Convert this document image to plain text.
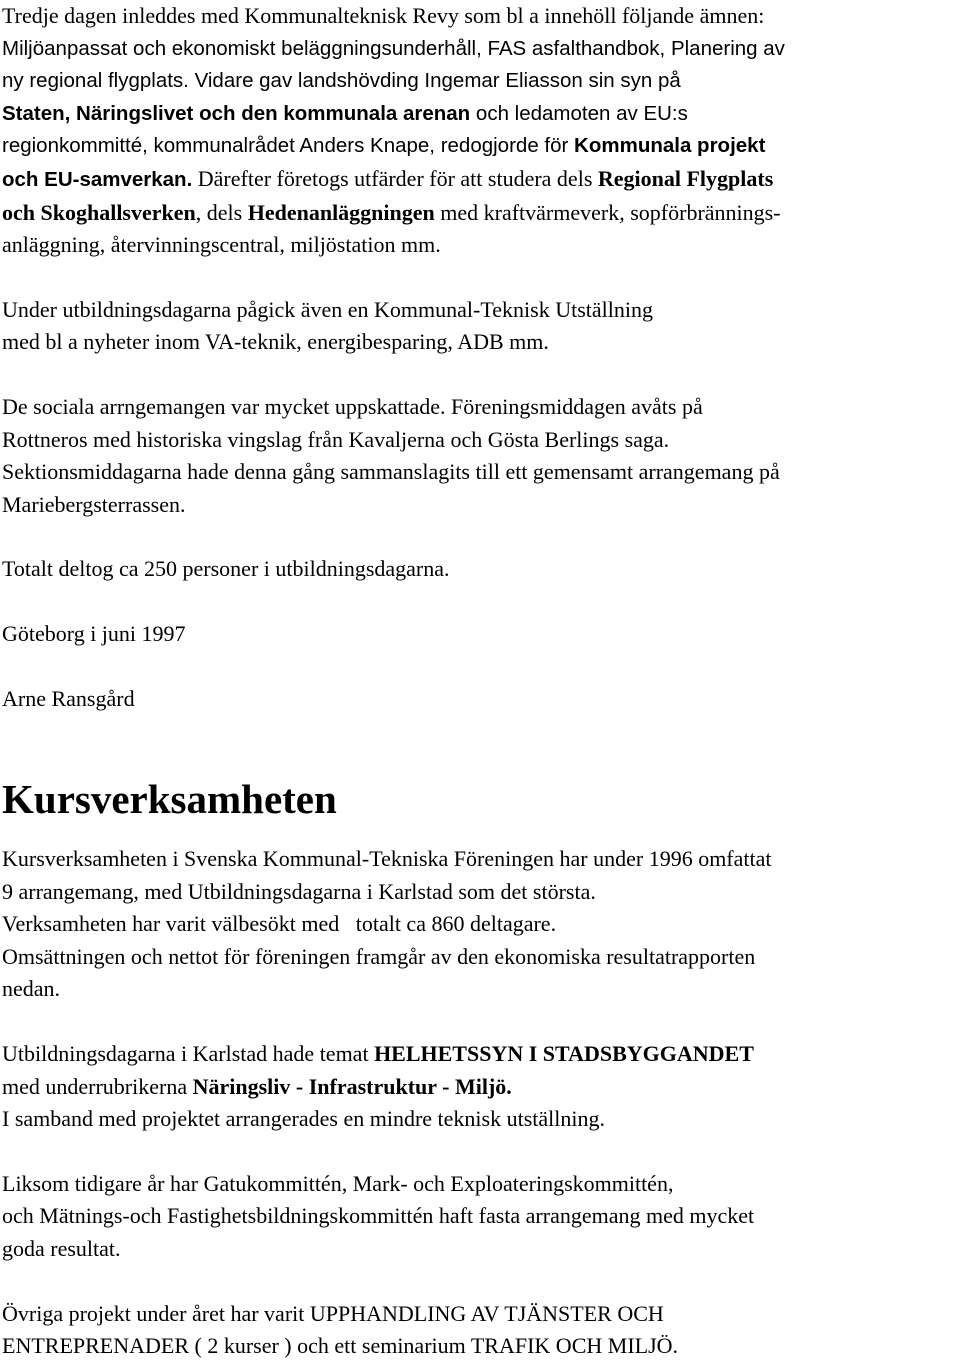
Tredje dagen inleddes med Kommunalteknisk Revy som bl a innehöll följande ämnen:

Miljöanpassat och ekonomiskt beläggningsunderhåll, FAS asfalthandbok, Planering av

ny regional flygplats. Vidare gav landshövding Ingemar Eliasson sin syn på

Staten, Näringslivet och den kommunala arenan och ledamoten av EU:s

regionkommitté, kommunalrådet Anders Knape, redogjorde för Kommunala projekt

och EU-samverkan. Därefter företogs utfärder för att studera dels Regional Flygplats

och Skoghallsverken, dels Hedenanläggningen med kraftvärmeverk, sopförbrännings-

anläggning, återvinningscentral, miljöstation mm.

Under utbildningsdagarna pågick även en Kommunal-Teknisk Utställning

med bl a nyheter inom VA-teknik, energibesparing, ADB mm.

De sociala arrngemangen var mycket uppskattade. Föreningsmiddagen avåts på

Rottneros med historiska vingslag från Kavaljerna och Gösta Berlings saga.

Sektionsmiddagarna hade denna gång sammanslagits till ett gemensamt arrangemang på

Mariebergsterrassen.

Totalt deltog ca 250 personer i utbildningsdagarna.

Göteborg i juni 1997

Arne Ransgård

Kursverksamheten

Kursverksamheten i Svenska Kommunal-Tekniska Föreningen har under 1996 omfattat

9 arrangemang, med Utbildningsdagarna i Karlstad som det största.

Verksamheten har varit välbesökt med   totalt ca 860 deltagare.

Omsättningen och nettot för föreningen framgår av den ekonomiska resultatrapporten

nedan.

Utbildningsdagarna i Karlstad hade temat HELHETSSYN I STADSBYGGANDET

med underrubrikerna Näringsliv - Infrastruktur - Miljö.

I samband med projektet arrangerades en mindre teknisk utställning.

Liksom tidigare år har Gatukommittén, Mark- och Exploateringskommittén,

och Mätnings-och Fastighetsbildningskommittén haft fasta arrangemang med mycket

goda resultat.

Övriga projekt under året har varit UPPHANDLING AV TJÄNSTER OCH

ENTREPRENADER ( 2 kurser ) och ett seminarium TRAFIK OCH MILJÖ.
